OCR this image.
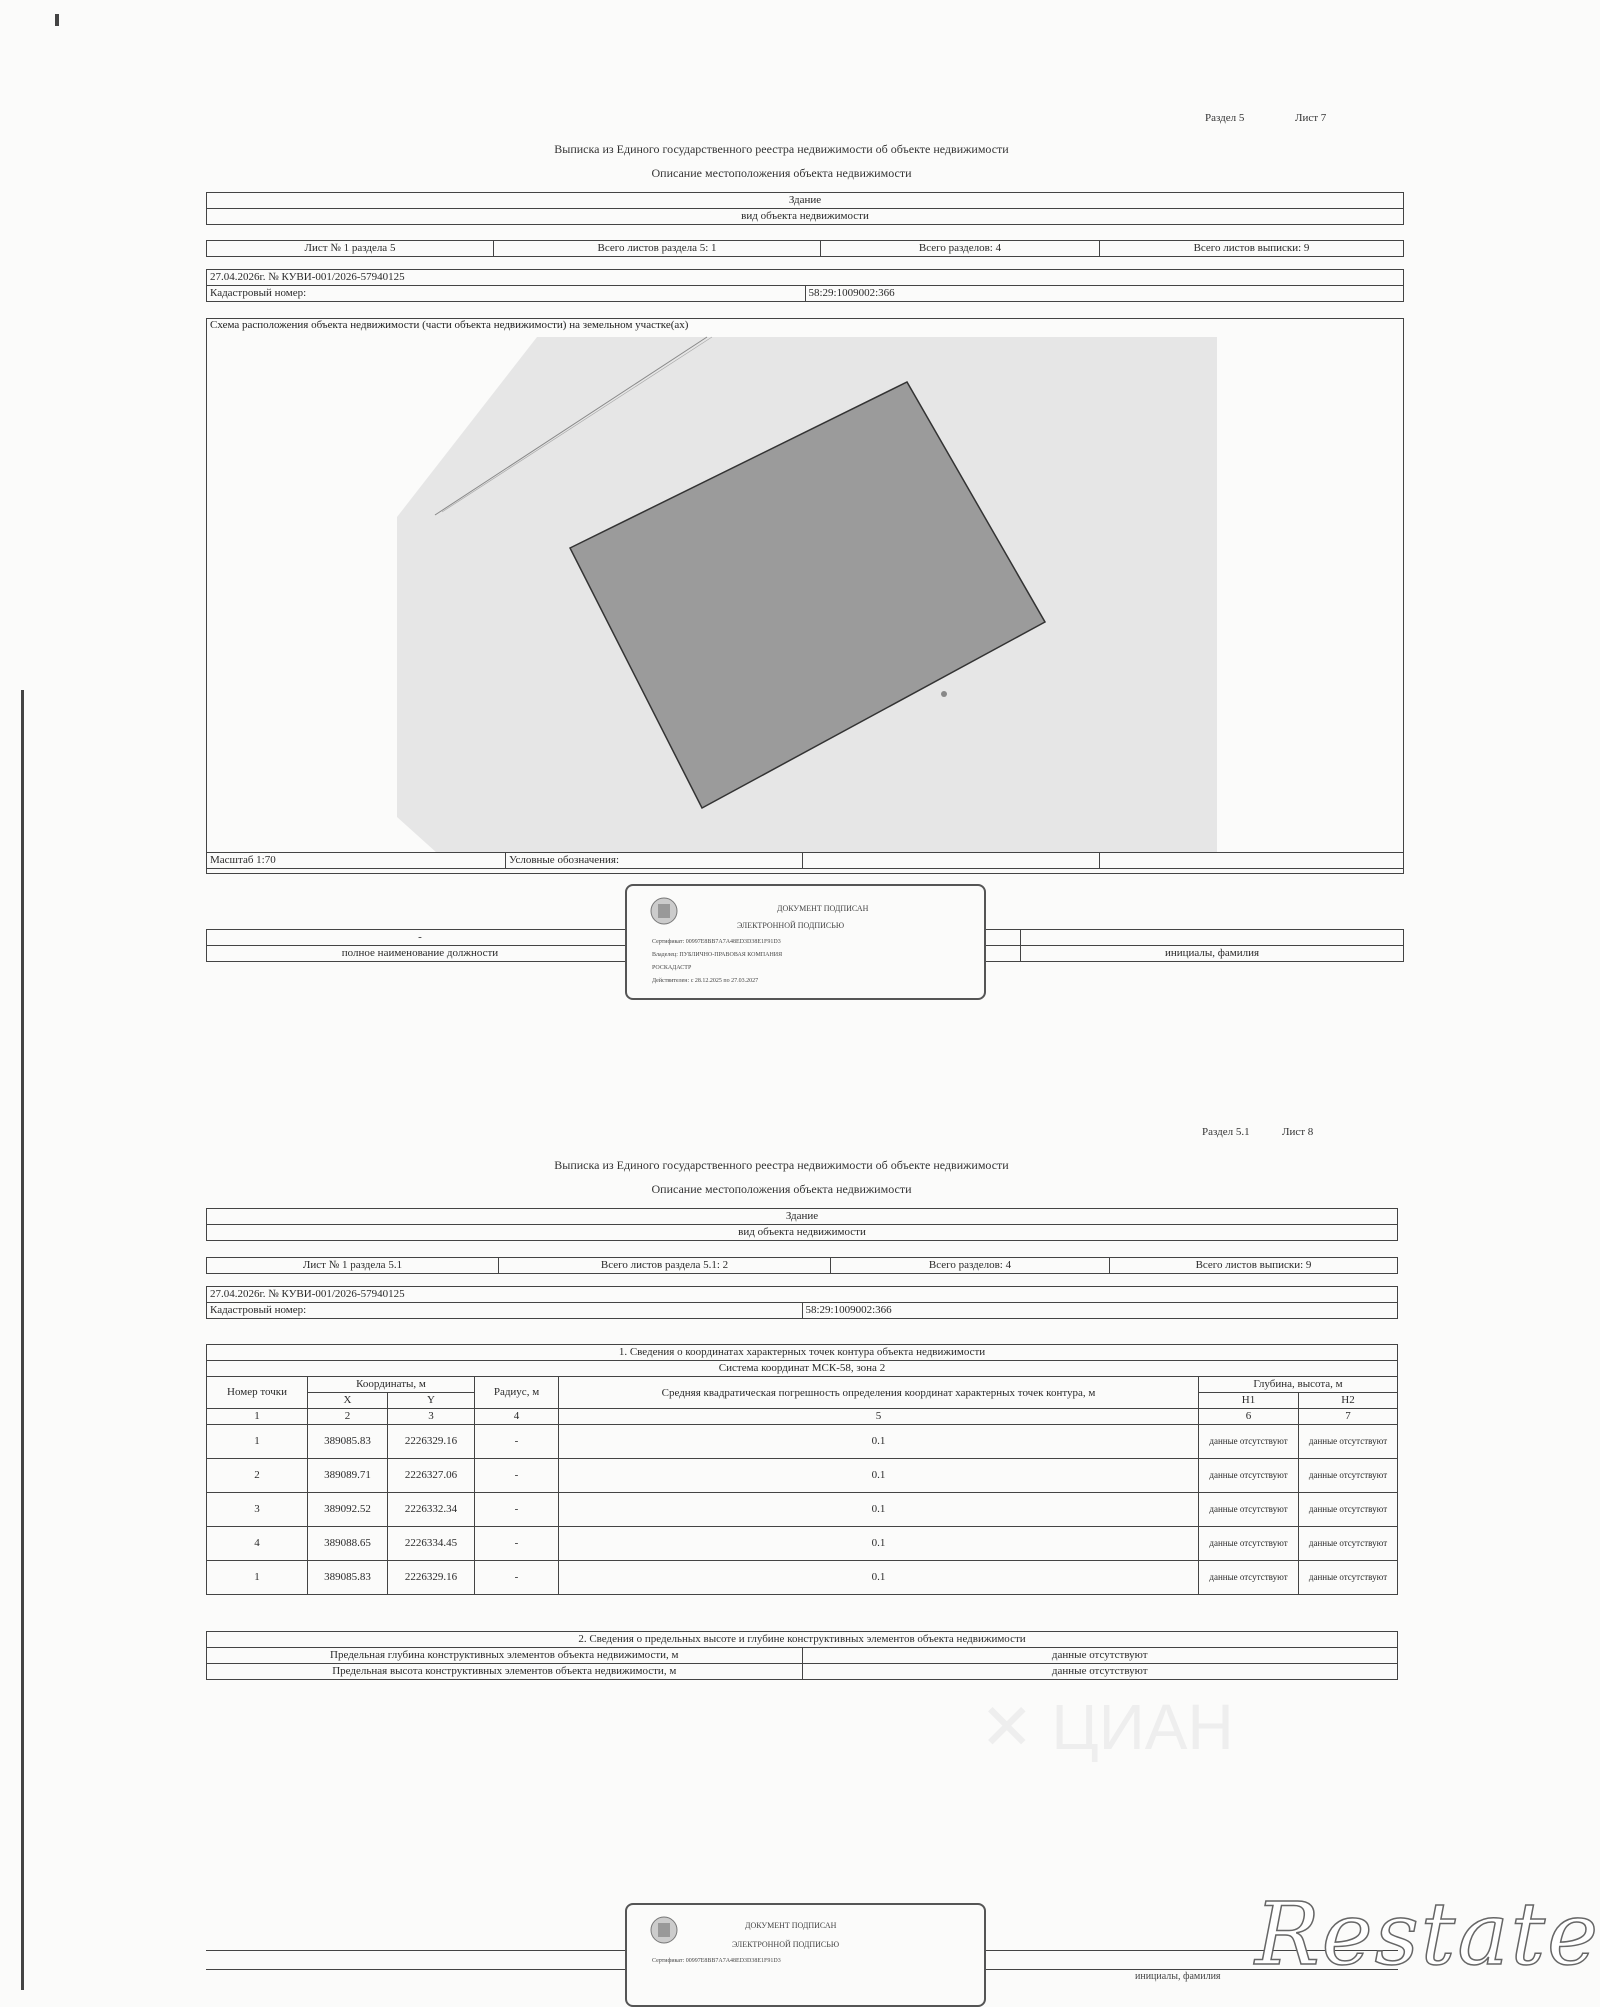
Раздел 5	Лист 7
Выписка из Единого государственного реестра недвижимости об объекте недвижимости
Описание местоположения объекта недвижимости
Здание
вид объекта недвижимости
Лист № 1 раздела 5	Всего листов раздела 5: 1	Всего разделов: 4	Всего листов выписки: 9
27.04.2026г. № КУВИ-001/2026-57940125
Кадастровый номер:	58:29:1009002:366
Схема расположения объекта недвижимости (части объекта недвижимости) на земельном участке(ах)
Масштаб 1:70	Условные обозначения:		
-		
полное наименование должности		инициалы, фамилия
ДОКУМЕНТ ПОДПИСАН
ЭЛЕКТРОННОЙ ПОДПИСЬЮ
Сертификат: 00997E8BB7A7A48ED3D38E1F91D3
Владелец: ПУБЛИЧНО-ПРАВОВАЯ КОМПАНИЯ
РОСКАДАСТР
Действителен: с 28.12.2025 по 27.03.2027
Раздел 5.1	Лист 8
Выписка из Единого государственного реестра недвижимости об объекте недвижимости
Описание местоположения объекта недвижимости
Здание
вид объекта недвижимости
Лист № 1 раздела 5.1	Всего листов раздела 5.1: 2	Всего разделов: 4	Всего листов выписки: 9
27.04.2026г. № КУВИ-001/2026-57940125
Кадастровый номер:	58:29:1009002:366
1. Сведения о координатах характерных точек контура объекта недвижимости						
Система координат МСК-58, зона 2						
Номер точки	Координаты, м		Радиус, м	Средняя квадратическая погрешность определения координат характерных точек контура, м	Глубина, высота, м	
	X	Y			H1	H2
1	2	3	4	5	6	7
1	389085.83	2226329.16	-	0.1	данные отсутствуют	данные отсутствуют
2	389089.71	2226327.06	-	0.1	данные отсутствуют	данные отсутствуют
3	389092.52	2226332.34	-	0.1	данные отсутствуют	данные отсутствуют
4	389088.65	2226334.45	-	0.1	данные отсутствуют	данные отсутствуют
1	389085.83	2226329.16	-	0.1	данные отсутствуют	данные отсутствуют
2. Сведения о предельных высоте и глубине конструктивных элементов объекта недвижимости	
Предельная глубина конструктивных элементов объекта недвижимости, м	данные отсутствуют
Предельная высота конструктивных элементов объекта недвижимости, м	данные отсутствуют
✕ ЦИАН
инициалы, фамилия
ДОКУМЕНТ ПОДПИСАН
ЭЛЕКТРОННОЙ ПОДПИСЬЮ
Сертификат: 00997E8BB7A7A48ED3D38E1F91D3	Restate
